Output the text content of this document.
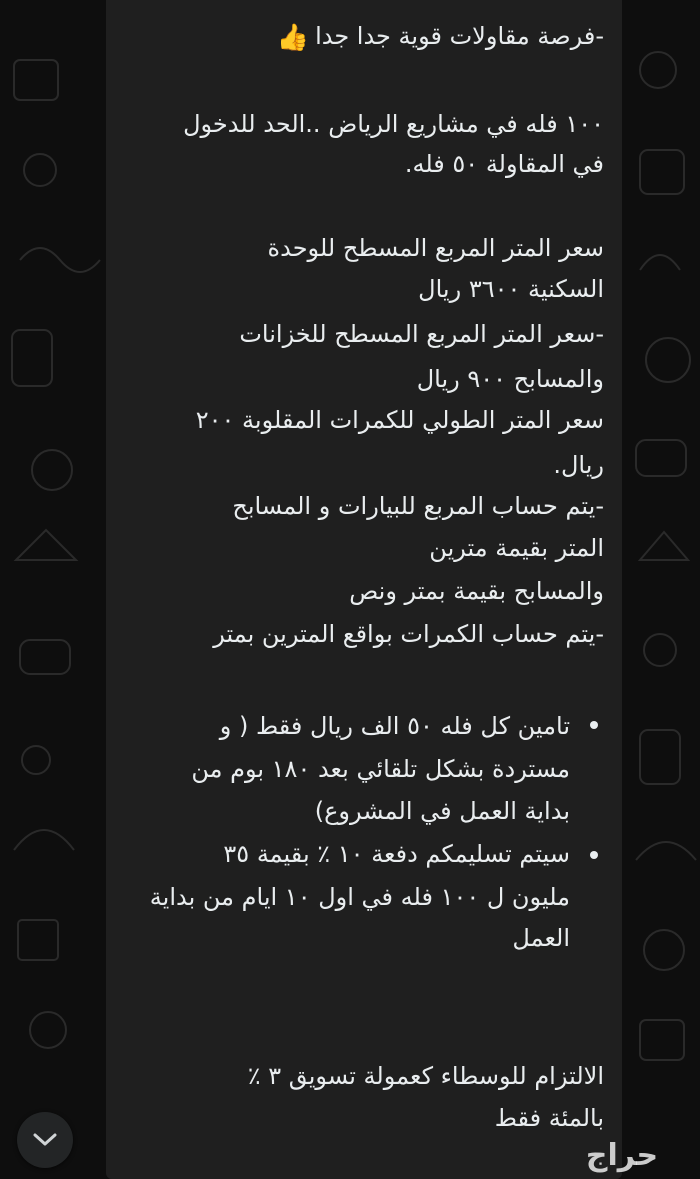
-فرصة مقاولات قوية جدا جدا👍
١٠٠ فله في مشاريع الرياض ..الحد للدخول
في المقاولة ٥٠ فله.
سعر المتر المربع المسطح للوحدة
السكنية ٣٦٠٠ ريال
-سعر المتر المربع المسطح للخزانات
والمسابح ٩٠٠ ريال
سعر المتر الطولي للكمرات المقلوبة ٢٠٠
ريال.
-يتم حساب المربع للبيارات و المسابح
المتر بقيمة مترين
والمسابح بقيمة بمتر ونص
-يتم حساب الكمرات بواقع المترين بمتر
تامين كل فله ٥٠ الف ريال فقط ( و
مستردة بشكل تلقائي بعد ١٨٠ بوم من
بداية العمل في المشروع)
سيتم تسليمكم دفعة ١٠ ٪ بقيمة ٣٥
مليون ل ١٠٠ فله في اول ١٠ ايام من بداية
العمل
الالتزام للوسطاء كعمولة تسويق ٣ ٪
بالمئة فقط
حراج
